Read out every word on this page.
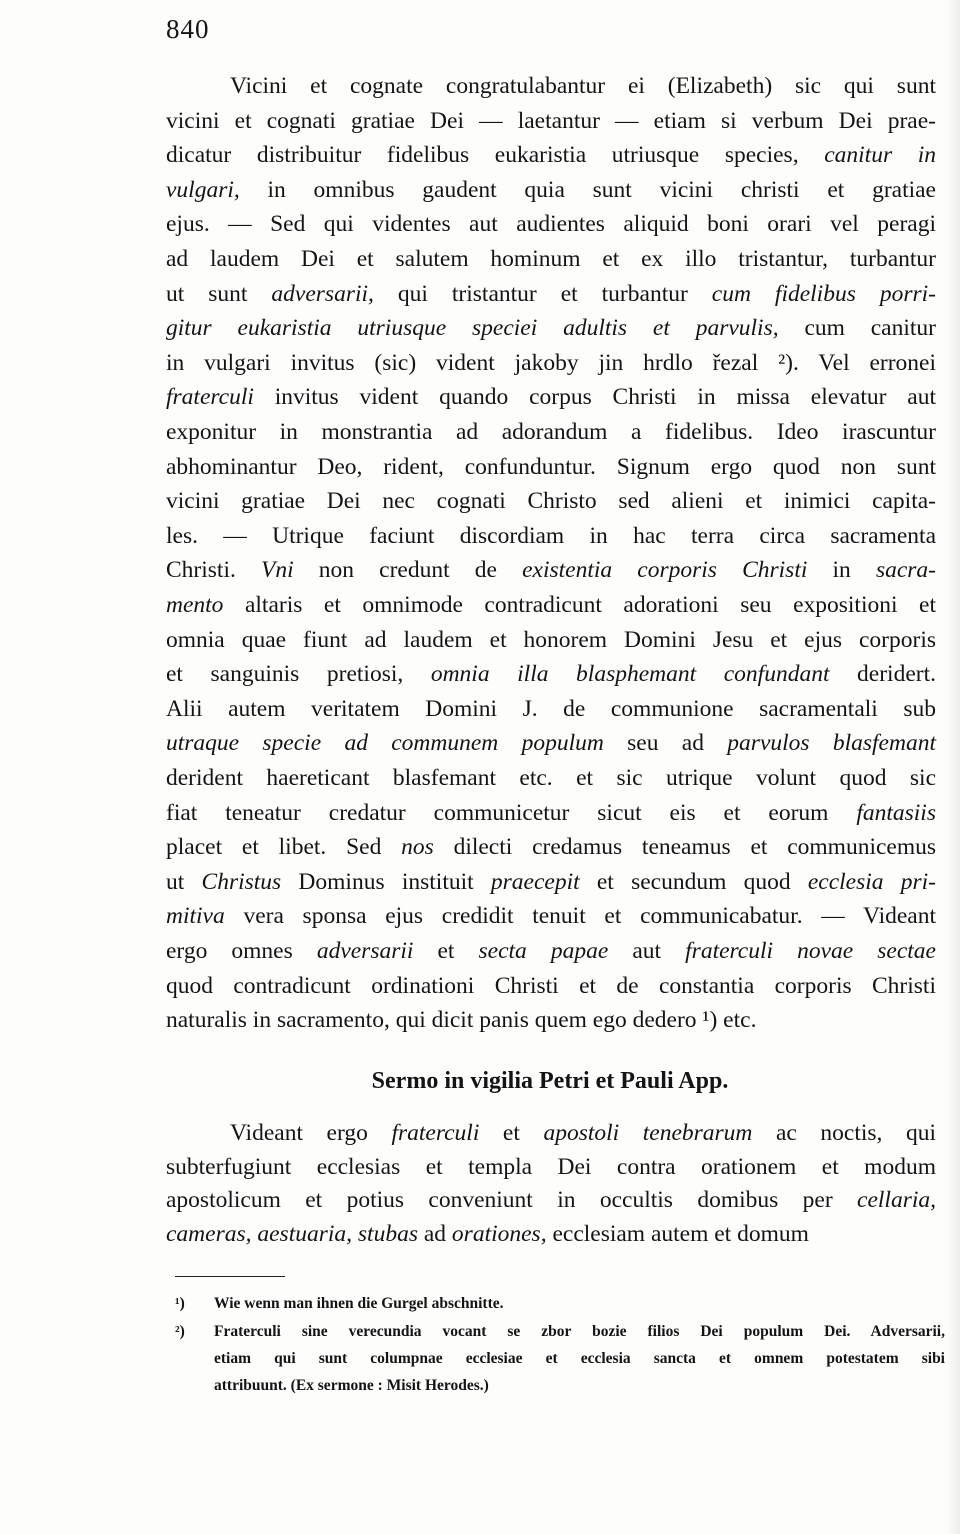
840
Vicini et cognate congratulabantur ei (Elizabeth) sic qui sunt
vicini et cognati gratiae Dei — laetantur — etiam si verbum Dei prae-
dicatur distribuitur fidelibus eukaristia utriusque species, canitur in
vulgari, in omnibus gaudent quia sunt vicini christi et gratiae
ejus. — Sed qui videntes aut audientes aliquid boni orari vel peragi
ad laudem Dei et salutem hominum et ex illo tristantur, turbantur
ut sunt adversarii, qui tristantur et turbantur cum fidelibus porri-
gitur eukaristia utriusque speciei adultis et parvulis, cum canitur
in vulgari invitus (sic) vident jakoby jin hrdlo řezal ²). Vel erronei
fraterculi invitus vident quando corpus Christi in missa elevatur aut
exponitur in monstrantia ad adorandum a fidelibus. Ideo irascuntur
abhominantur Deo, rident, confunduntur. Signum ergo quod non sunt
vicini gratiae Dei nec cognati Christo sed alieni et inimici capita-
les. — Utrique faciunt discordiam in hac terra circa sacramenta
Christi. Vni non credunt de existentia corporis Christi in sacra-
mento altaris et omnimode contradicunt adorationi seu expositioni et
omnia quae fiunt ad laudem et honorem Domini Jesu et ejus corporis
et sanguinis pretiosi, omnia illa blasphemant confundant deridert.
Alii autem veritatem Domini J. de communione sacramentali sub
utraque specie ad communem populum seu ad parvulos blasfemant
derident haereticant blasfemant etc. et sic utrique volunt quod sic
fiat teneatur credatur communicetur sicut eis et eorum fantasiis
placet et libet. Sed nos dilecti credamus teneamus et communicemus
ut Christus Dominus instituit praecepit et secundum quod ecclesia pri-
mitiva vera sponsa ejus credidit tenuit et communicabatur. — Videant
ergo omnes adversarii et secta papae aut fraterculi novae sectae
quod contradicunt ordinationi Christi et de constantia corporis Christi
naturalis in sacramento, qui dicit panis quem ego dedero ¹) etc.
Sermo in vigilia Petri et Pauli App.
Videant ergo fraterculi et apostoli tenebrarum ac noctis, qui
subterfugiunt ecclesias et templa Dei contra orationem et modum
apostolicum et potius conveniunt in occultis domibus per cellaria,
cameras, aestuaria, stubas ad orationes, ecclesiam autem et domum
¹) Wie wenn man ihnen die Gurgel abschnitte.
²) Fraterculi sine verecundia vocant se zbor bozie filios Dei populum Dei. Adversarii,
etiam qui sunt columpnae ecclesiae et ecclesia sancta et omnem potestatem sibi
attribuunt. (Ex sermone : Misit Herodes.)
